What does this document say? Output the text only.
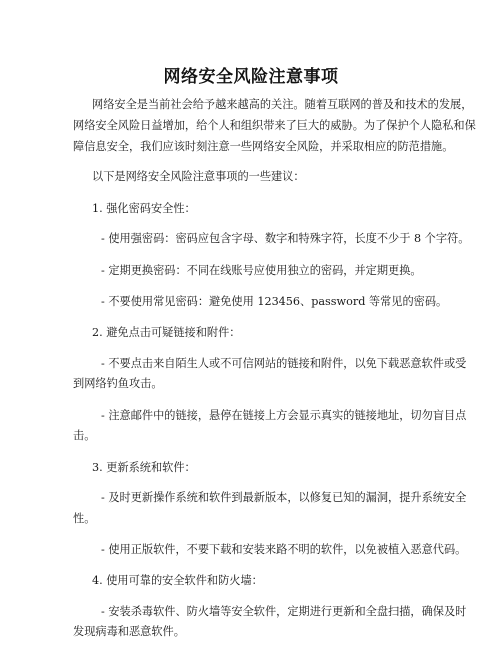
网络安全风险注意事项
网络安全是当前社会给予越来越高的关注。随着互联网的普及和技术的发展，
网络安全风险日益增加，给个人和组织带来了巨大的威胁。为了保护个人隐私和保
障信息安全，我们应该时刻注意一些网络安全风险，并采取相应的防范措施。
以下是网络安全风险注意事项的一些建议：
1. 强化密码安全性：
- 使用强密码：密码应包含字母、数字和特殊字符，长度不少于 8 个字符。
- 定期更换密码：不同在线账号应使用独立的密码，并定期更换。
- 不要使用常见密码：避免使用 123456、password 等常见的密码。
2. 避免点击可疑链接和附件：
- 不要点击来自陌生人或不可信网站的链接和附件，以免下载恶意软件或受
到网络钓鱼攻击。
- 注意邮件中的链接，悬停在链接上方会显示真实的链接地址，切勿盲目点
击。
3. 更新系统和软件：
- 及时更新操作系统和软件到最新版本，以修复已知的漏洞，提升系统安全
性。
- 使用正版软件，不要下载和安装来路不明的软件，以免被植入恶意代码。
4. 使用可靠的安全软件和防火墙：
- 安装杀毒软件、防火墙等安全软件，定期进行更新和全盘扫描，确保及时
发现病毒和恶意软件。
